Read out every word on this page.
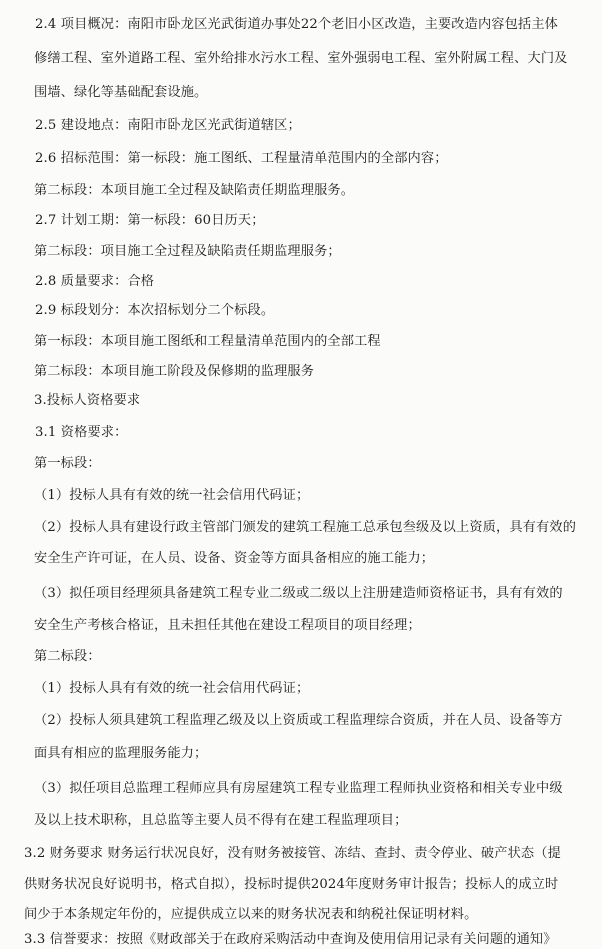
2.4 项目概况：南阳市卧龙区光武街道办事处22个老旧小区改造，主要改造内容包括主体
修缮工程、室外道路工程、室外给排水污水工程、室外强弱电工程、室外附属工程、大门及
围墙、绿化等基础配套设施。
2.5 建设地点：南阳市卧龙区光武街道辖区；
2.6 招标范围：第一标段：施工图纸、工程量清单范围内的全部内容；
第二标段：本项目施工全过程及缺陷责任期监理服务。
2.7 计划工期：第一标段：60日历天；
第二标段：项目施工全过程及缺陷责任期监理服务；
2.8 质量要求：合格
2.9 标段划分：本次招标划分二个标段。
第一标段：本项目施工图纸和工程量清单范围内的全部工程
第二标段：本项目施工阶段及保修期的监理服务
3.投标人资格要求
3.1 资格要求：
第一标段：
（1）投标人具有有效的统一社会信用代码证；
（2）投标人具有建设行政主管部门颁发的建筑工程施工总承包叁级及以上资质，具有有效的
安全生产许可证，在人员、设备、资金等方面具备相应的施工能力；
（3）拟任项目经理须具备建筑工程专业二级或二级以上注册建造师资格证书，具有有效的
安全生产考核合格证，且未担任其他在建设工程项目的项目经理；
第二标段：
（1）投标人具有有效的统一社会信用代码证；
（2）投标人须具建筑工程监理乙级及以上资质或工程监理综合资质，并在人员、设备等方
面具有相应的监理服务能力；
（3）拟任项目总监理工程师应具有房屋建筑工程专业监理工程师执业资格和相关专业中级
及以上技术职称，且总监等主要人员不得有在建工程监理项目；
3.2 财务要求 财务运行状况良好，没有财务被接管、冻结、查封、责令停业、破产状态（提
供财务状况良好说明书，格式自拟），投标时提供2024年度财务审计报告；投标人的成立时
间少于本条规定年份的，应提供成立以来的财务状况表和纳税社保证明材料。
3.3 信誉要求：按照《财政部关于在政府采购活动中查询及使用信用记录有关问题的通知》
